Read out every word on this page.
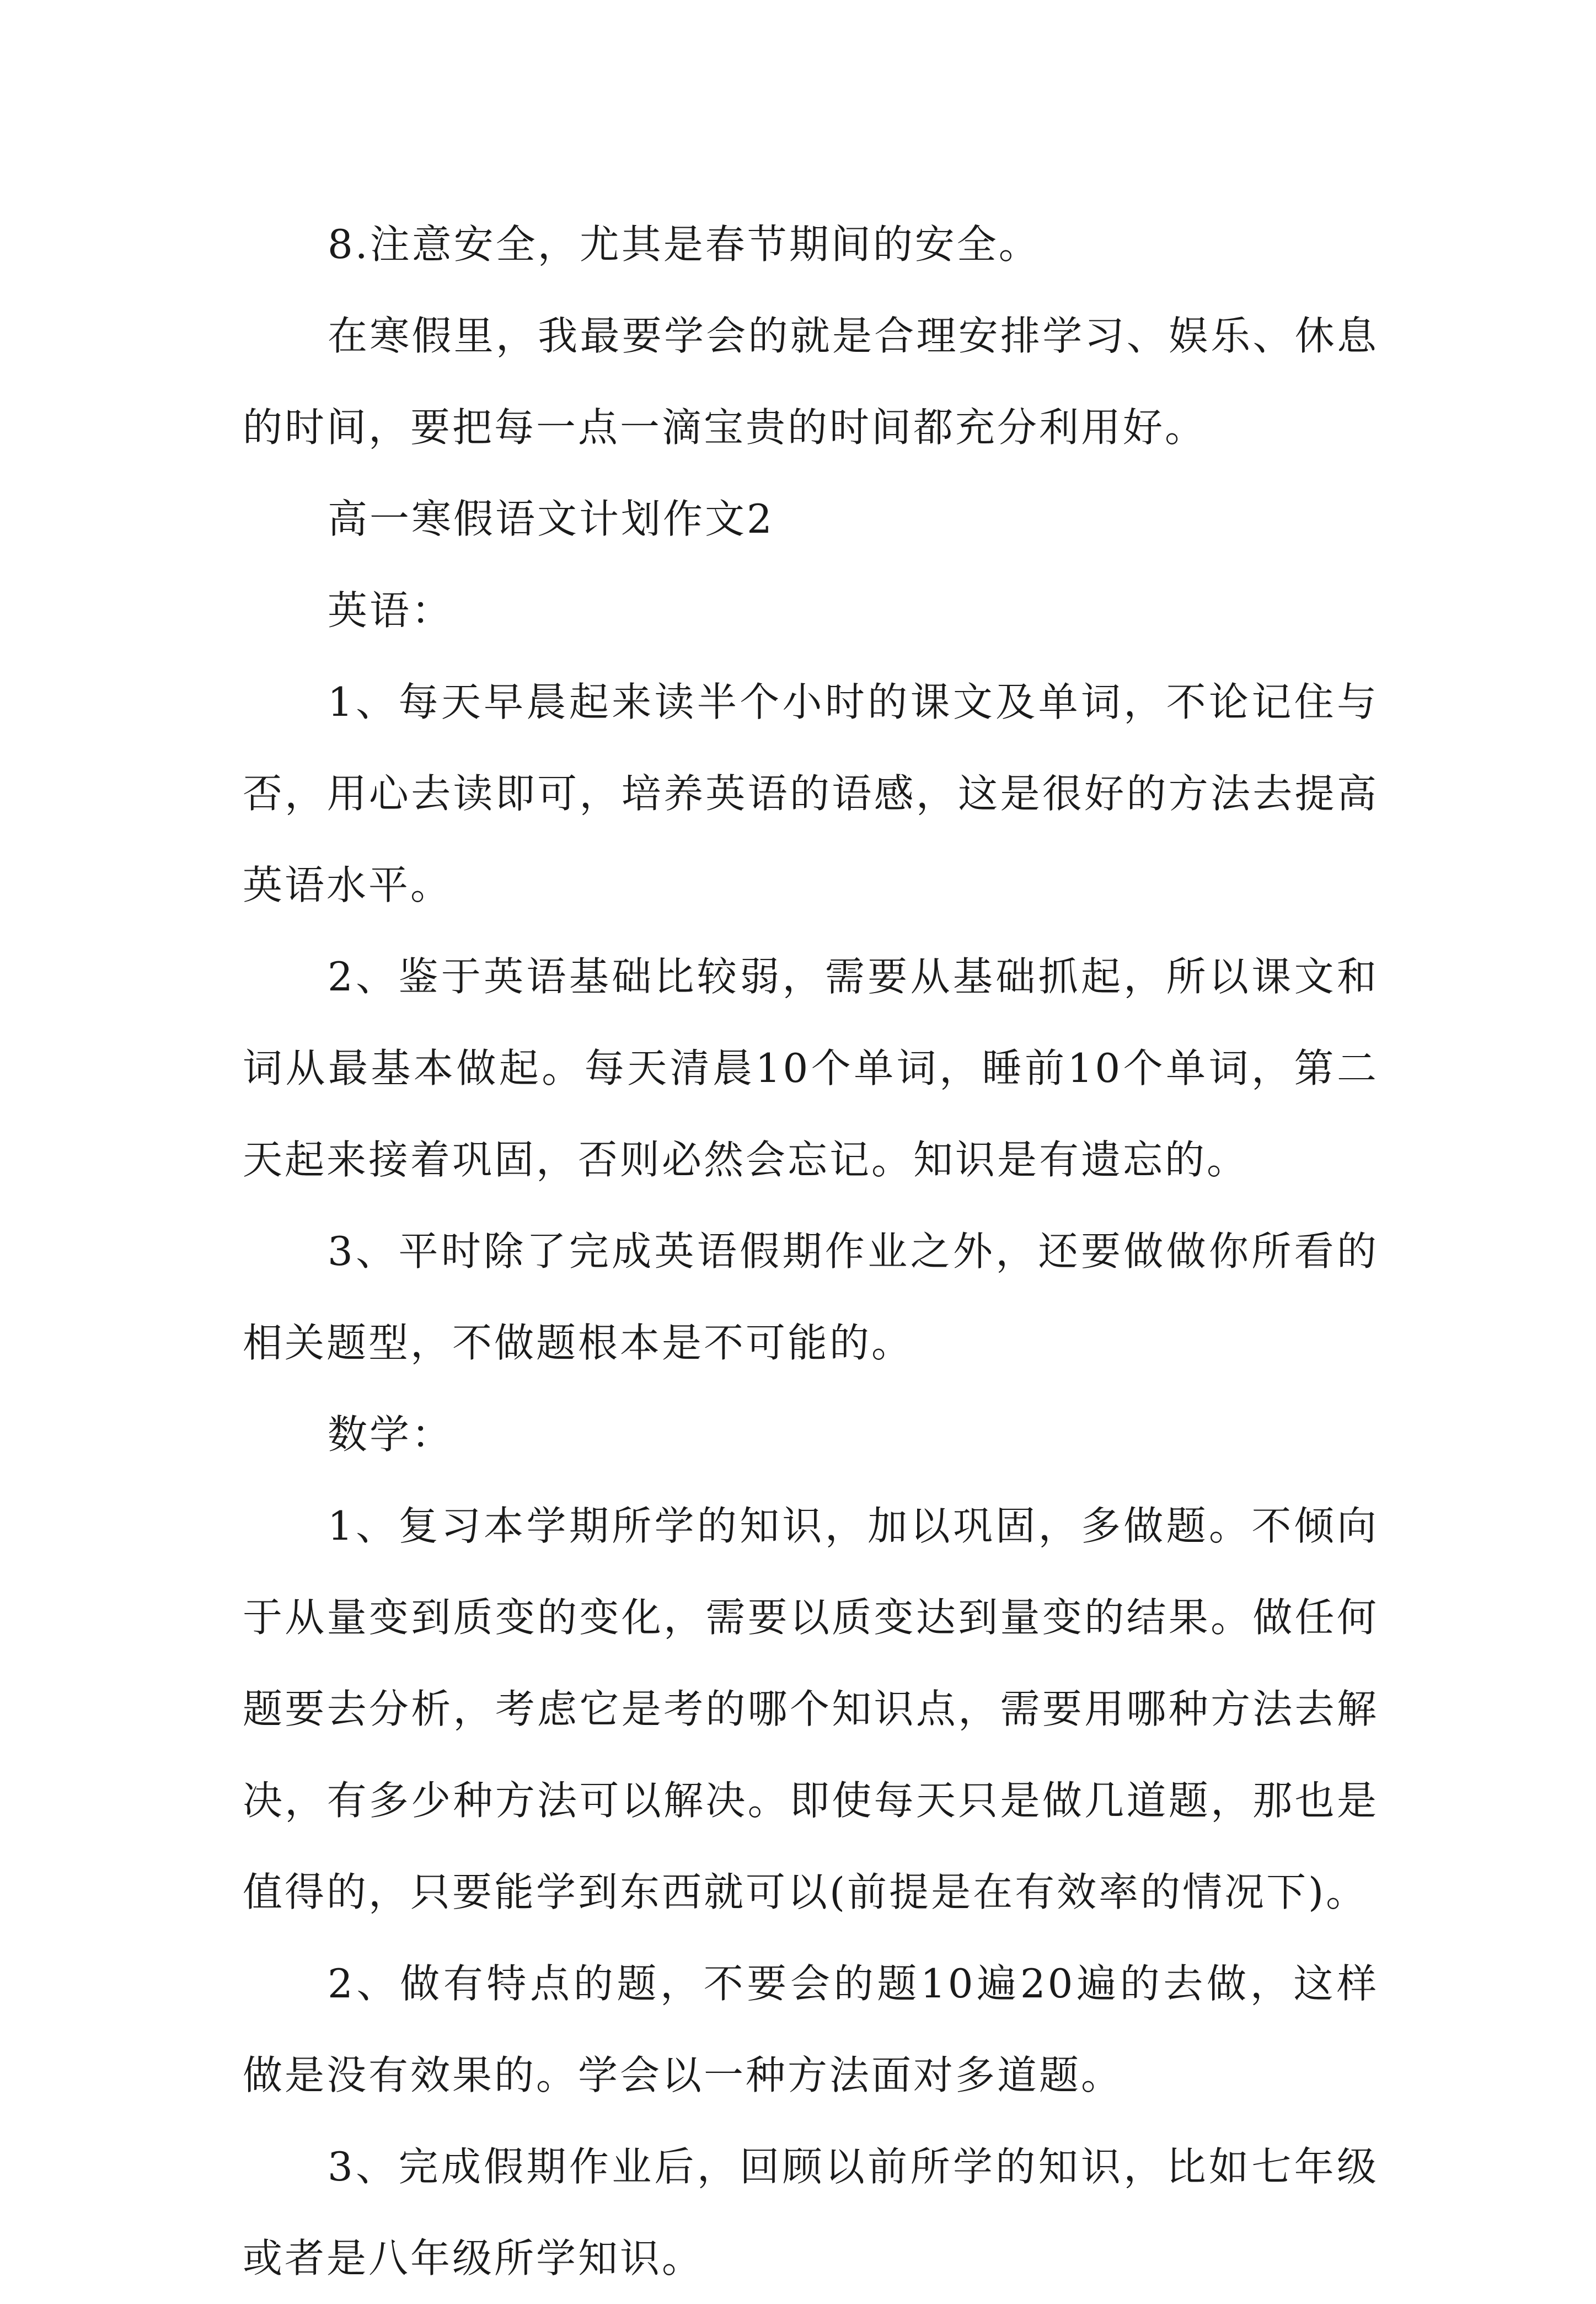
8.注意安全，尤其是春节期间的安全。

在寒假里，我最要学会的就是合理安排学习、娱乐、休息的时间，要把每一点一滴宝贵的时间都充分利用好。

高一寒假语文计划作文2

英语：

1、每天早晨起来读半个小时的课文及单词，不论记住与否，用心去读即可，培养英语的语感，这是很好的方法去提高英语水平。

2、鉴于英语基础比较弱，需要从基础抓起，所以课文和词从最基本做起。每天清晨10个单词，睡前10个单词，第二天起来接着巩固，否则必然会忘记。知识是有遗忘的。

3、平时除了完成英语假期作业之外，还要做做你所看的相关题型，不做题根本是不可能的。

数学：

1、复习本学期所学的知识，加以巩固，多做题。不倾向于从量变到质变的变化，需要以质变达到量变的结果。做任何题要去分析，考虑它是考的哪个知识点，需要用哪种方法去解决，有多少种方法可以解决。即使每天只是做几道题，那也是值得的，只要能学到东西就可以(前提是在有效率的情况下)。

2、做有特点的题，不要会的题10遍20遍的去做，这样做是没有效果的。学会以一种方法面对多道题。

3、完成假期作业后，回顾以前所学的知识，比如七年级或者是八年级所学知识。
